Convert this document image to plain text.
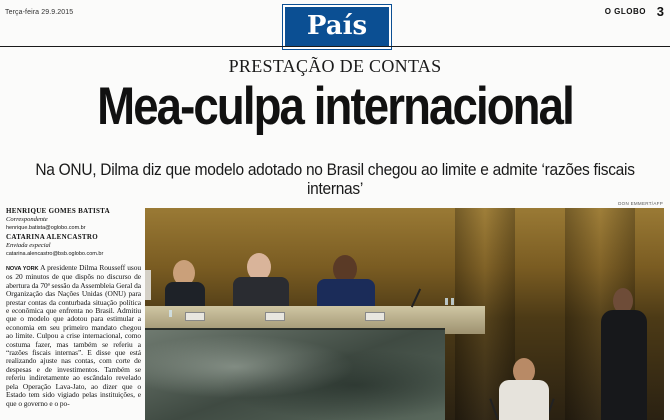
Terça-feira 29.9.2015	País	O GLOBO 3
PRESTAÇÃO DE CONTAS
Mea-culpa internacional
Na ONU, Dilma diz que modelo adotado no Brasil chegou ao limite e admite ‘razões fiscais internas’
HENRIQUE GOMES BATISTA
Correspondente
henrique.batista@oglobo.com.br
CATARINA ALENCASTRO
Enviada especial
catarina.alencastro@bsb.oglobo.com.br
NOVA YORK A presidente Dilma Rousseff usou os 20 minutos de que dispôs no discurso de abertura da 70ª sessão da Assembleia Geral da Organização das Nações Unidas (ONU) para prestar contas da conturbada situação política e econômica que enfrenta no Brasil. Admitiu que o modelo que adotou para estimular a economia em seu primeiro mandato chegou ao limite. Culpou a crise internacional, como costuma fazer, mas também se referiu a “razões fiscais internas”. E disse que está realizando ajuste nas contas, com corte de despesas e de investimentos. Também se referiu indiretamente ao escândalo revelado pela Operação Lava-Jato, ao dizer que o Estado tem sido vigiado pelas instituições, e que o governo e o po-
DON EMMERT/AFP
